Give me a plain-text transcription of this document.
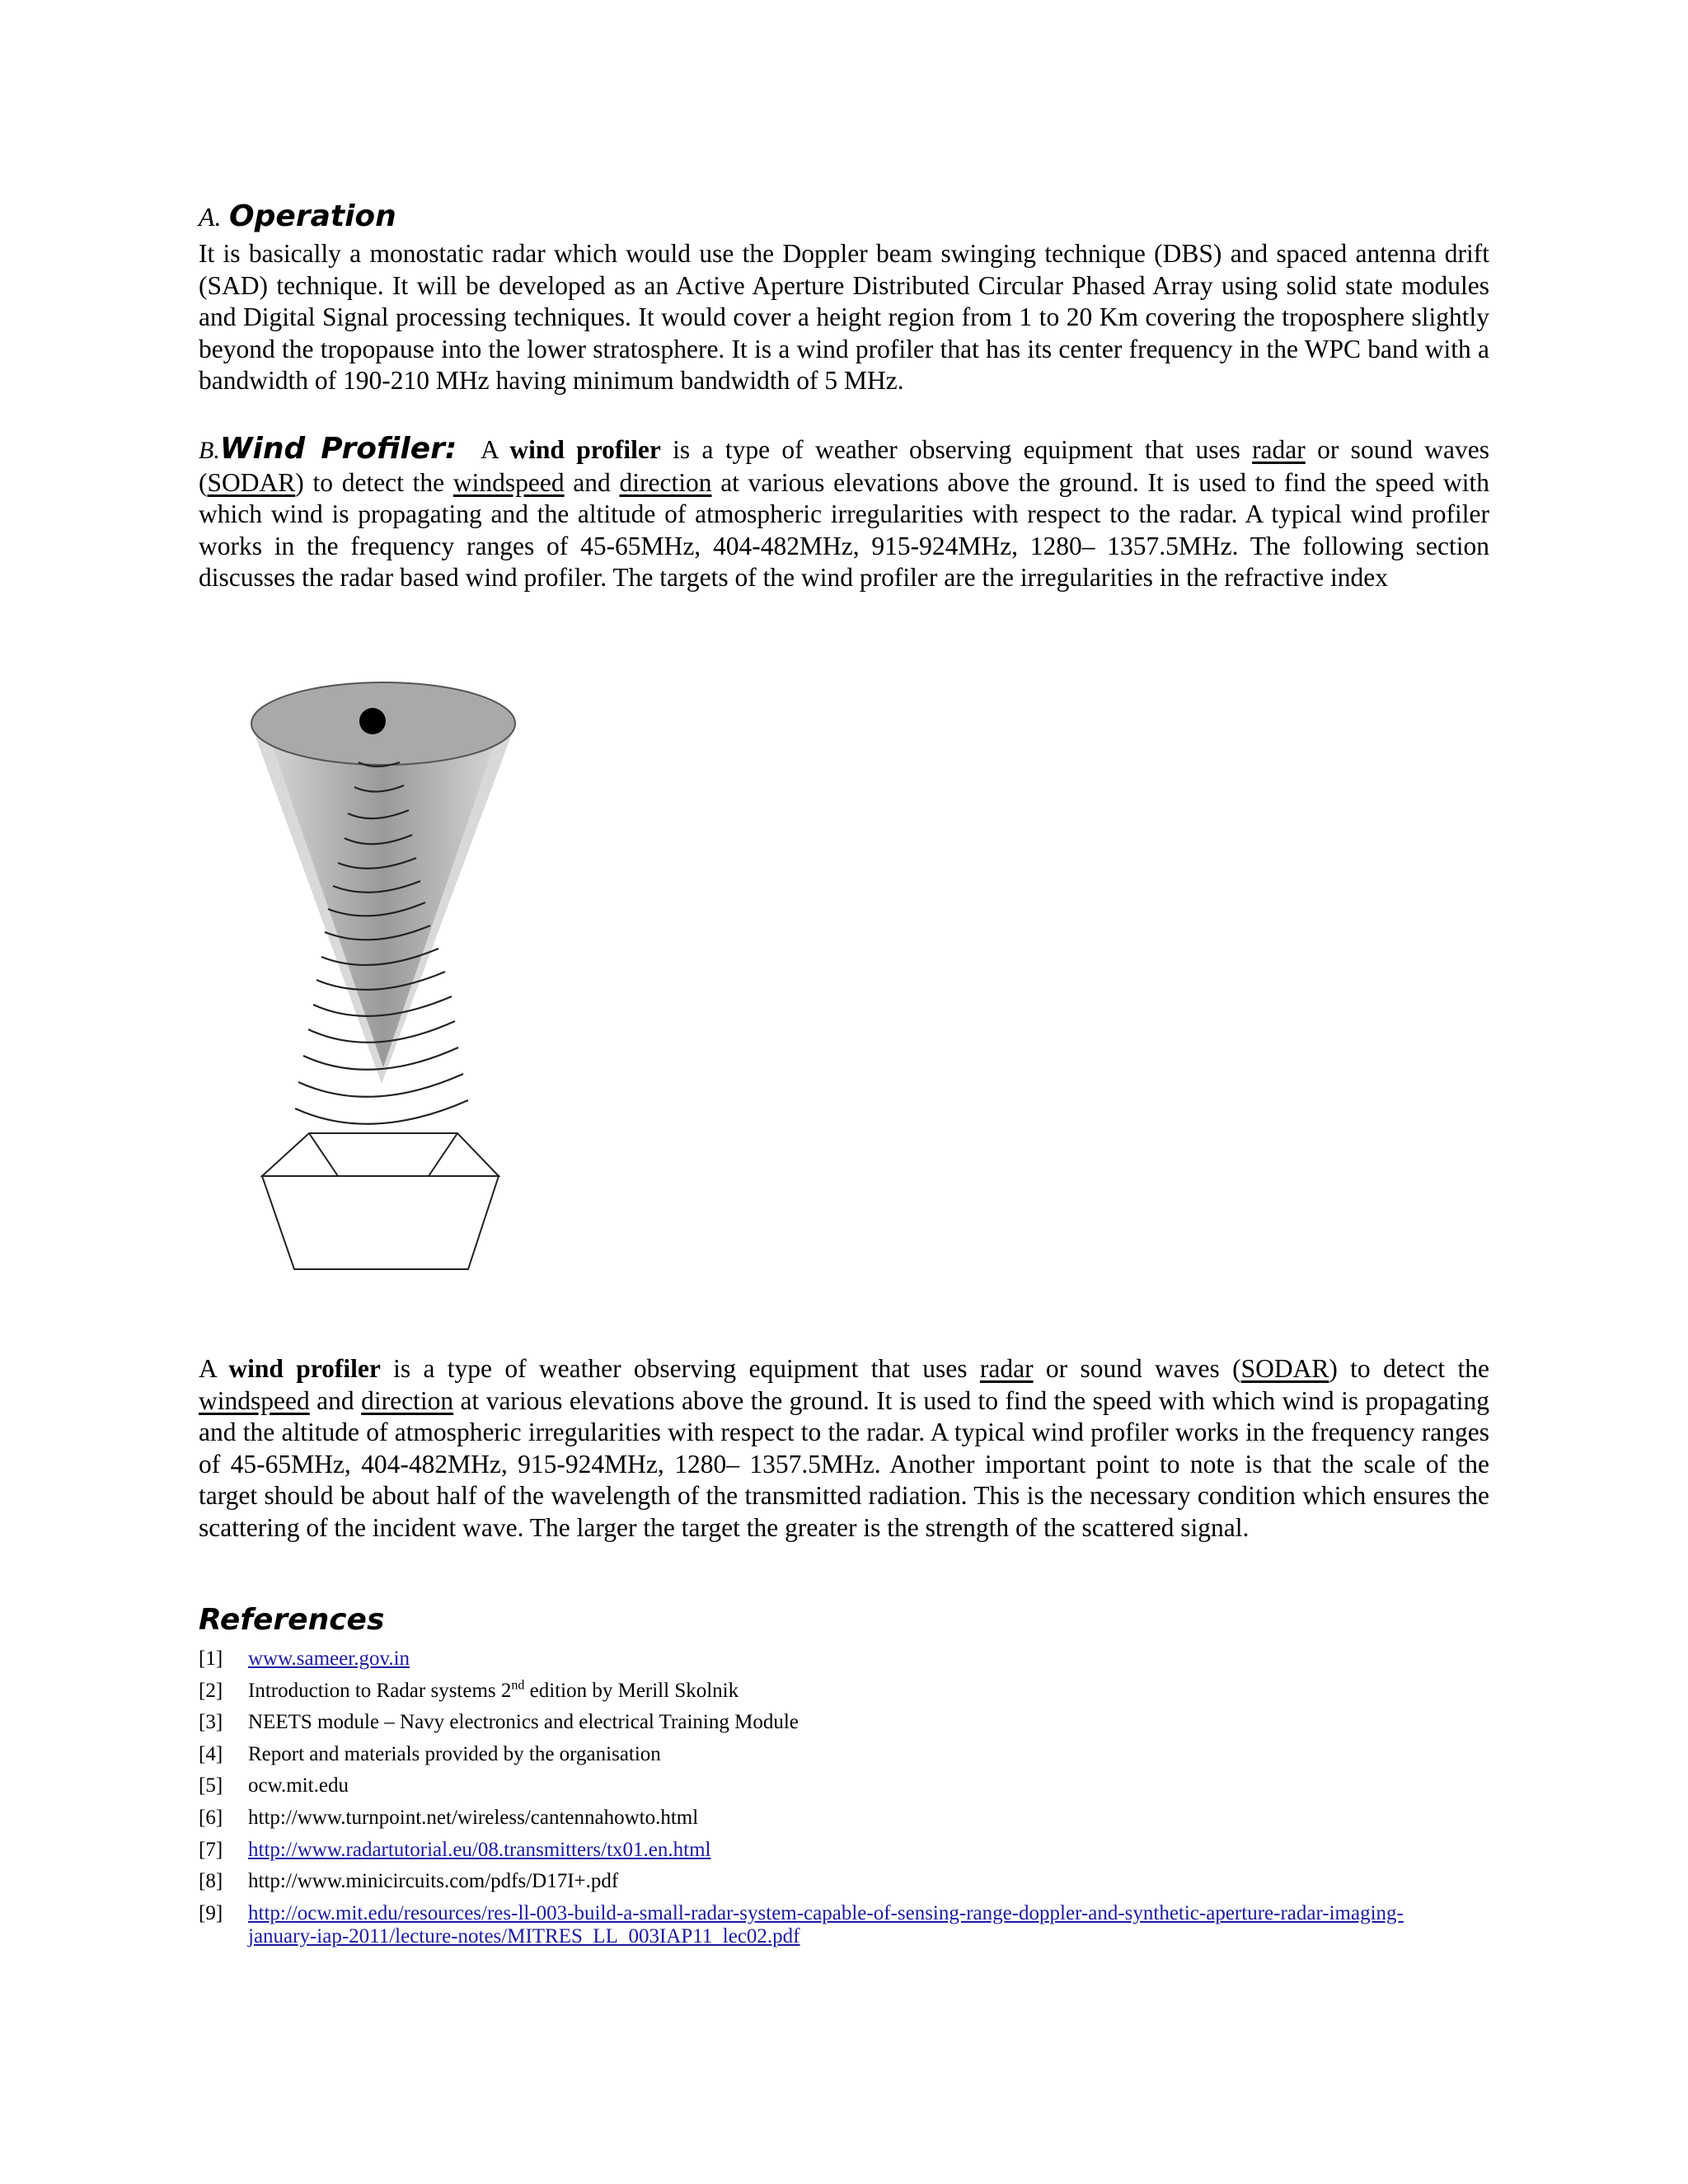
A. Operation

It is basically a monostatic radar which would use the Doppler beam swinging technique (DBS) and spaced antenna drift (SAD) technique. It will be developed as an Active Aperture Distributed Circular Phased Array using solid state modules and Digital Signal processing techniques. It would cover a height region from 1 to 20 Km covering the troposphere slightly beyond the tropopause into the lower stratosphere. It is a wind profiler that has its center frequency in the WPC band with a bandwidth of 190-210 MHz having minimum bandwidth of 5 MHz.

B.Wind Profiler: A wind profiler is a type of weather observing equipment that uses radar or sound waves (SODAR) to detect the windspeed and direction at various elevations above the ground. It is used to find the speed with which wind is propagating and the altitude of atmospheric irregularities with respect to the radar. A typical wind profiler works in the frequency ranges of 45-65MHz, 404-482MHz, 915-924MHz, 1280– 1357.5MHz. The following section discusses the radar based wind profiler. The targets of the wind profiler are the irregularities in the refractive index

A wind profiler is a type of weather observing equipment that uses radar or sound waves (SODAR) to detect the windspeed and direction at various elevations above the ground. It is used to find the speed with which wind is propagating and the altitude of atmospheric irregularities with respect to the radar. A typical wind profiler works in the frequency ranges of 45-65MHz, 404-482MHz, 915-924MHz, 1280– 1357.5MHz. Another important point to note is that the scale of the target should be about half of the wavelength of the transmitted radiation. This is the necessary condition which ensures the scattering of the incident wave. The larger the target the greater is the strength of the scattered signal.

References
[1] www.sameer.gov.in
[2] Introduction to Radar systems 2nd edition by Merill Skolnik
[3] NEETS module – Navy electronics and electrical Training Module
[4] Report and materials provided by the organisation
[5] ocw.mit.edu
[6] http://www.turnpoint.net/wireless/cantennahowto.html
[7] http://www.radartutorial.eu/08.transmitters/tx01.en.html
[8] http://www.minicircuits.com/pdfs/D17I+.pdf
[9] http://ocw.mit.edu/resources/res-ll-003-build-a-small-radar-system-capable-of-sensing-range-doppler-and-synthetic-aperture-radar-imaging-
january-iap-2011/lecture-notes/MITRES_LL_003IAP11_lec02.pdf
